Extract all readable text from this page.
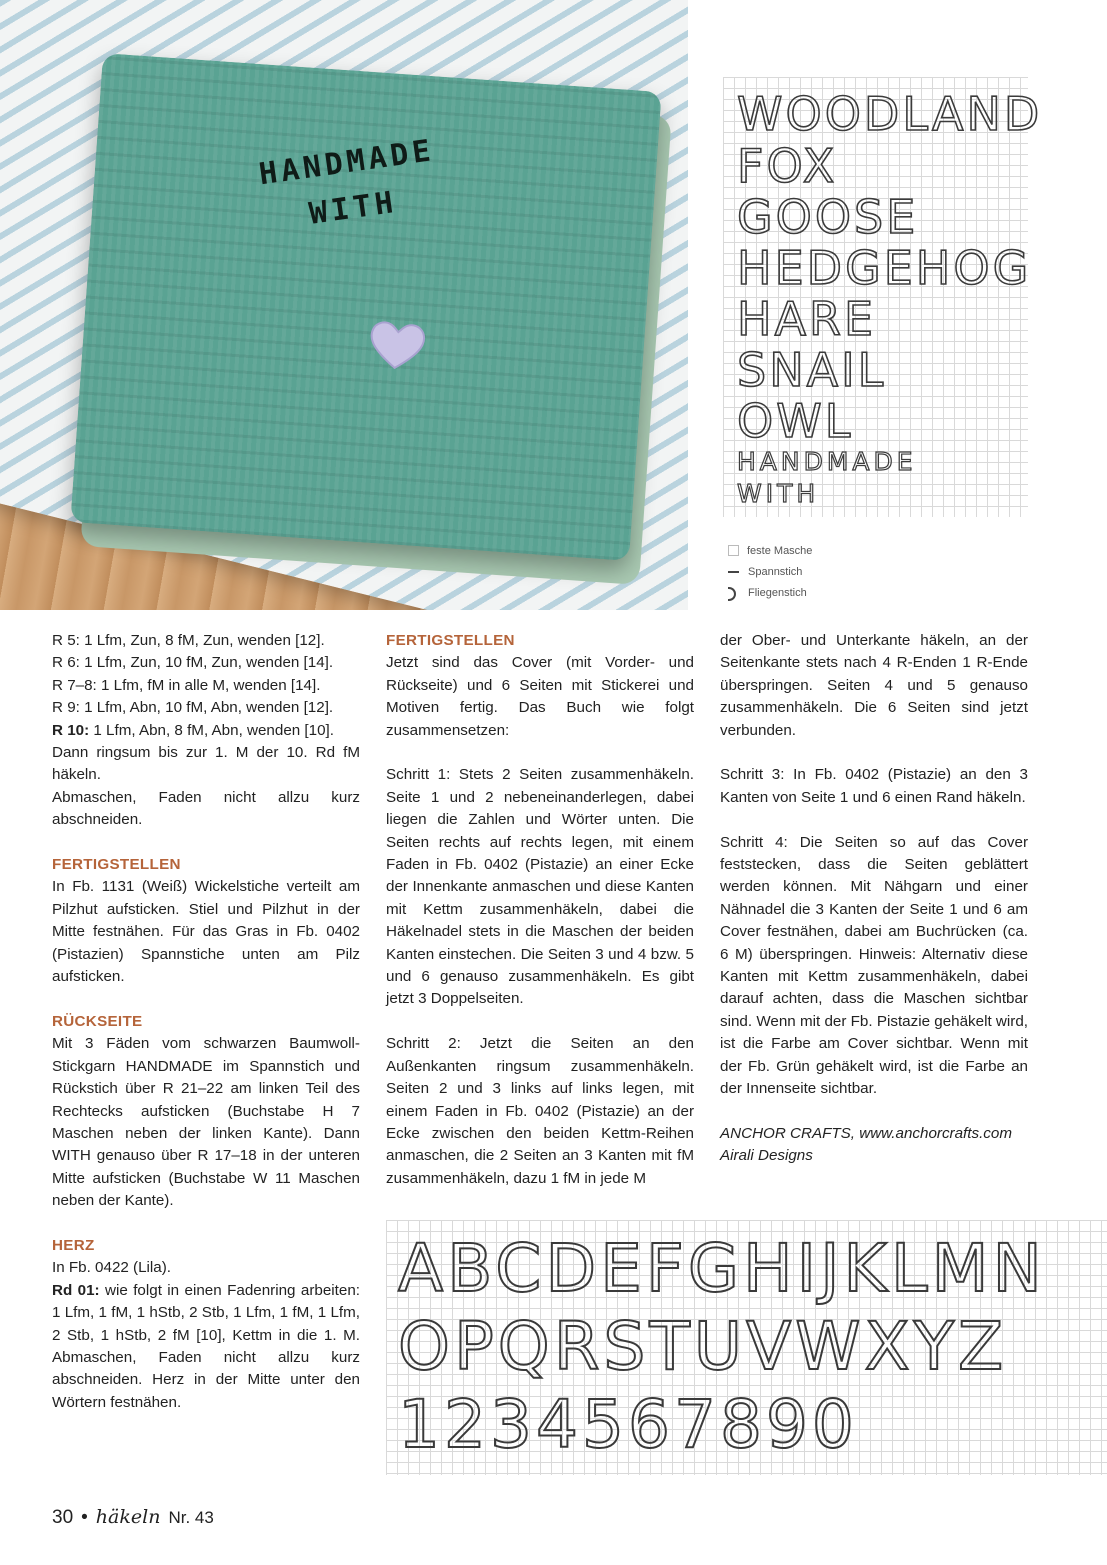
HANDMADE
WITH
WOODLAND
FOX
GOOSE
HEDGEHOG
HARE
SNAIL
OWL
HANDMADE
WITH
feste Masche
Spannstich
Fliegenstich
R 5: 1 Lfm, Zun, 8 fM, Zun, wenden [12].
R 6: 1 Lfm, Zun, 10 fM, Zun, wenden [14].
R 7–8: 1 Lfm, fM in alle M, wenden [14].
R 9: 1 Lfm, Abn, 10 fM, Abn, wenden [12].
R 10: 1 Lfm, Abn, 8 fM, Abn, wenden [10].

Dann ringsum bis zur 1. M der 10. Rd fM häkeln.

Abmaschen, Faden nicht allzu kurz abschneiden.

FERTIGSTELLEN

In Fb. 1131 (Weiß) Wickelstiche verteilt am Pilzhut aufsticken. Stiel und Pilzhut in der Mitte festnähen. Für das Gras in Fb. 0402 (Pistazien) Spannstiche unten am Pilz aufsticken.

RÜCKSEITE

Mit 3 Fäden vom schwarzen Baumwoll-Stickgarn HANDMADE im Spannstich und Rückstich über R 21–22 am linken Teil des Rechtecks aufsticken (Buchstabe H 7 Maschen neben der linken Kante). Dann WITH genauso über R 17–18 in der unteren Mitte aufsticken (Buchstabe W 11 Maschen neben der Kante).

HERZ
In Fb. 0422 (Lila).

Rd 01: wie folgt in einen Fadenring arbeiten: 1 Lfm, 1 fM, 1 hStb, 2 Stb, 1 Lfm, 1 fM, 1 Lfm, 2 Stb, 1 hStb, 2 fM [10], Kettm in die 1. M. Abmaschen, Faden nicht allzu kurz abschneiden. Herz in der Mitte unter den Wörtern festnähen.

FERTIGSTELLEN

Jetzt sind das Cover (mit Vorder- und Rückseite) und 6 Seiten mit Stickerei und Motiven fertig. Das Buch wie folgt zusammensetzen:

Schritt 1: Stets 2 Seiten zusammenhäkeln. Seite 1 und 2 nebeneinanderlegen, dabei liegen die Zahlen und Wörter unten. Die Seiten rechts auf rechts legen, mit einem Faden in Fb. 0402 (Pistazie) an einer Ecke der Innenkante anmaschen und diese Kanten mit Kettm zusammenhäkeln, dabei die Häkelnadel stets in die Maschen der beiden Kanten einstechen. Die Seiten 3 und 4 bzw. 5 und 6 genauso zusammenhäkeln. Es gibt jetzt 3 Doppelseiten.

Schritt 2: Jetzt die Seiten an den Außenkanten ringsum zusammenhäkeln. Seiten 2 und 3 links auf links legen, mit einem Faden in Fb. 0402 (Pistazie) an der Ecke zwischen den beiden Kettm-Reihen anmaschen, die 2 Seiten an 3 Kanten mit fM zusammenhäkeln, dazu 1 fM in jede M

der Ober- und Unterkante häkeln, an der Seitenkante stets nach 4 R-Enden 1 R-Ende überspringen. Seiten 4 und 5 genauso zusammenhäkeln. Die 6 Seiten sind jetzt verbunden.

Schritt 3: In Fb. 0402 (Pistazie) an den 3 Kanten von Seite 1 und 6 einen Rand häkeln.

Schritt 4: Die Seiten so auf das Cover feststecken, dass die Seiten geblättert werden können. Mit Nähgarn und einer Nähnadel die 3 Kanten der Seite 1 und 6 am Cover festnähen, dabei am Buchrücken (ca. 6 M) überspringen. Hinweis: Alternativ diese Kanten mit Kettm zusammenhäkeln, dabei darauf achten, dass die Maschen sichtbar sind. Wenn mit der Fb. Pistazie gehäkelt wird, ist die Farbe am Cover sichtbar. Wenn mit der Fb. Grün gehäkelt wird, ist die Farbe an der Innenseite sichtbar.

ANCHOR CRAFTS, www.anchorcrafts.com
Airali Designs
ABCDEFGHIJKLMN
OPQRSTUVWXYZ
1234567890
30 • häkeln Nr. 43
